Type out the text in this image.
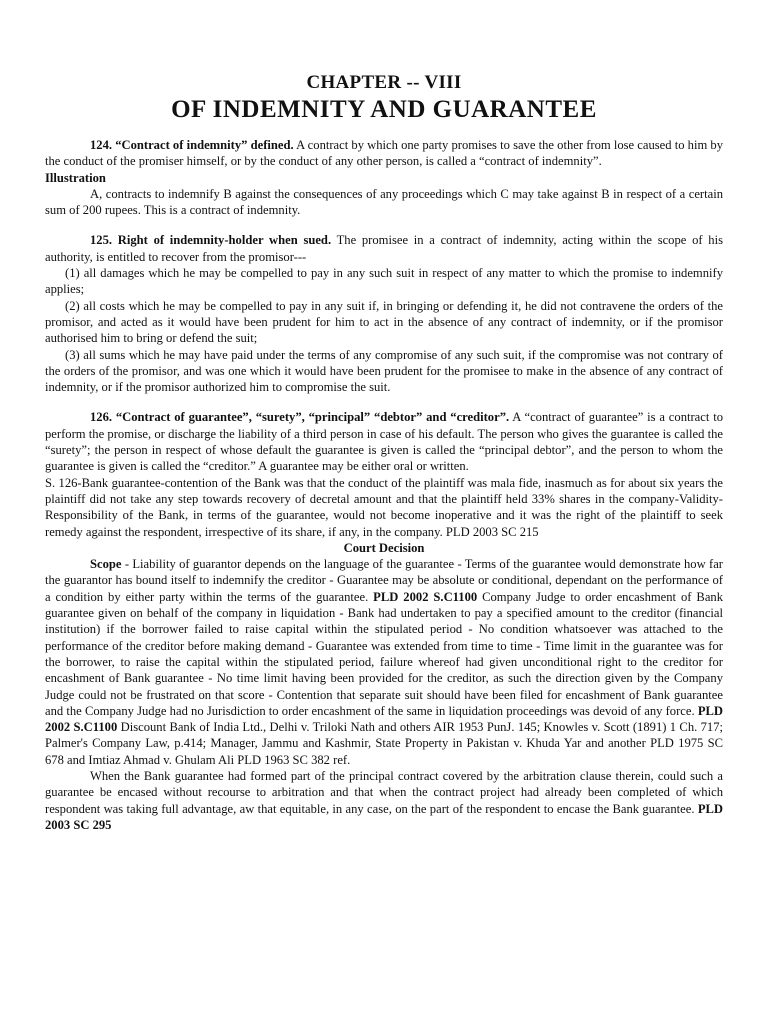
CHAPTER -- VIII
OF INDEMNITY AND GUARANTEE

124. “Contract of indemnity” defined. A contract by which one party promises to save the other from lose caused to him by the conduct of the promiser himself, or by the conduct of any other person, is called a “contract of indemnity”.

Illustration

A, contracts to indemnify B against the consequences of any proceedings which C may take against B in respect of a certain sum of 200 rupees. This is a contract of indemnity.

125. Right of indemnity-holder when sued. The promisee in a contract of indemnity, acting within the scope of his authority, is entitled to recover from the promisor---

(1) all damages which he may be compelled to pay in any such suit in respect of any matter to which the promise to indemnify applies;

(2) all costs which he may be compelled to pay in any suit if, in bringing or defending it, he did not contravene the orders of the promisor, and acted as it would have been prudent for him to act in the absence of any contract of indemnity, or if the promisor authorised him to bring or defend the suit;

(3) all sums which he may have paid under the terms of any compromise of any such suit, if the compromise was not contrary of the orders of the promisor, and was one which it would have been prudent for the promisee to make in the absence of any contract of indemnity, or if the promisor authorized him to compromise the suit.

126. “Contract of guarantee”, “surety”, “principal” “debtor” and “creditor”. A “contract of guarantee” is a contract to perform the promise, or discharge the liability of a third person in case of his default. The person who gives the guarantee is called the “surety”; the person in respect of whose default the guarantee is given is called the “principal debtor”, and the person to whom the guarantee is given is called the “creditor.” A guarantee may be either oral or written.

S. 126-Bank guarantee-contention of the Bank was that the conduct of the plaintiff was mala fide, inasmuch as for about six years the plaintiff did not take any step towards recovery of decretal amount and that the plaintiff held 33% shares in the company-Validity-Responsibility of the Bank, in terms of the guarantee, would not become inoperative and it was the right of the plaintiff to seek remedy against the respondent, irrespective of its share, if any, in the company. PLD 2003 SC 215

Court Decision

Scope - Liability of guarantor depends on the language of the guarantee - Terms of the guarantee would demonstrate how far the guarantor has bound itself to indemnify the creditor - Guarantee may be absolute or conditional, dependant on the performance of a condition by either party within the terms of the guarantee. PLD 2002 S.C1100 Company Judge to order encashment of Bank guarantee given on behalf of the company in liquidation - Bank had undertaken to pay a specified amount to the creditor (financial institution) if the borrower failed to raise capital within the stipulated period - No condition whatsoever was attached to the performance of the creditor before making demand - Guarantee was extended from time to time - Time limit in the guarantee was for the borrower, to raise the capital within the stipulated period, failure whereof had given unconditional right to the creditor for encashment of Bank guarantee - No time limit having been provided for the creditor, as such the direction given by the Company Judge could not be frustrated on that score - Contention that separate suit should have been filed for encashment of Bank guarantee and the Company Judge had no Jurisdiction to order encashment of the same in liquidation proceedings was devoid of any force. PLD 2002 S.C1100 Discount Bank of India Ltd., Delhi v. Triloki Nath and others AIR 1953 PunJ. 145; Knowles v. Scott (1891) 1 Ch. 717; Palmer's Company Law, p.414; Manager, Jammu and Kashmir, State Property in Pakistan v. Khuda Yar and another PLD 1975 SC 678 and Imtiaz Ahmad v. Ghulam Ali PLD 1963 SC 382 ref.

When the Bank guarantee had formed part of the principal contract covered by the arbitration clause therein, could such a guarantee be encased without recourse to arbitration and that when the contract project had already been completed of which respondent was taking full advantage, aw that equitable, in any case, on the part of the respondent to encase the Bank guarantee. PLD 2003 SC 295
